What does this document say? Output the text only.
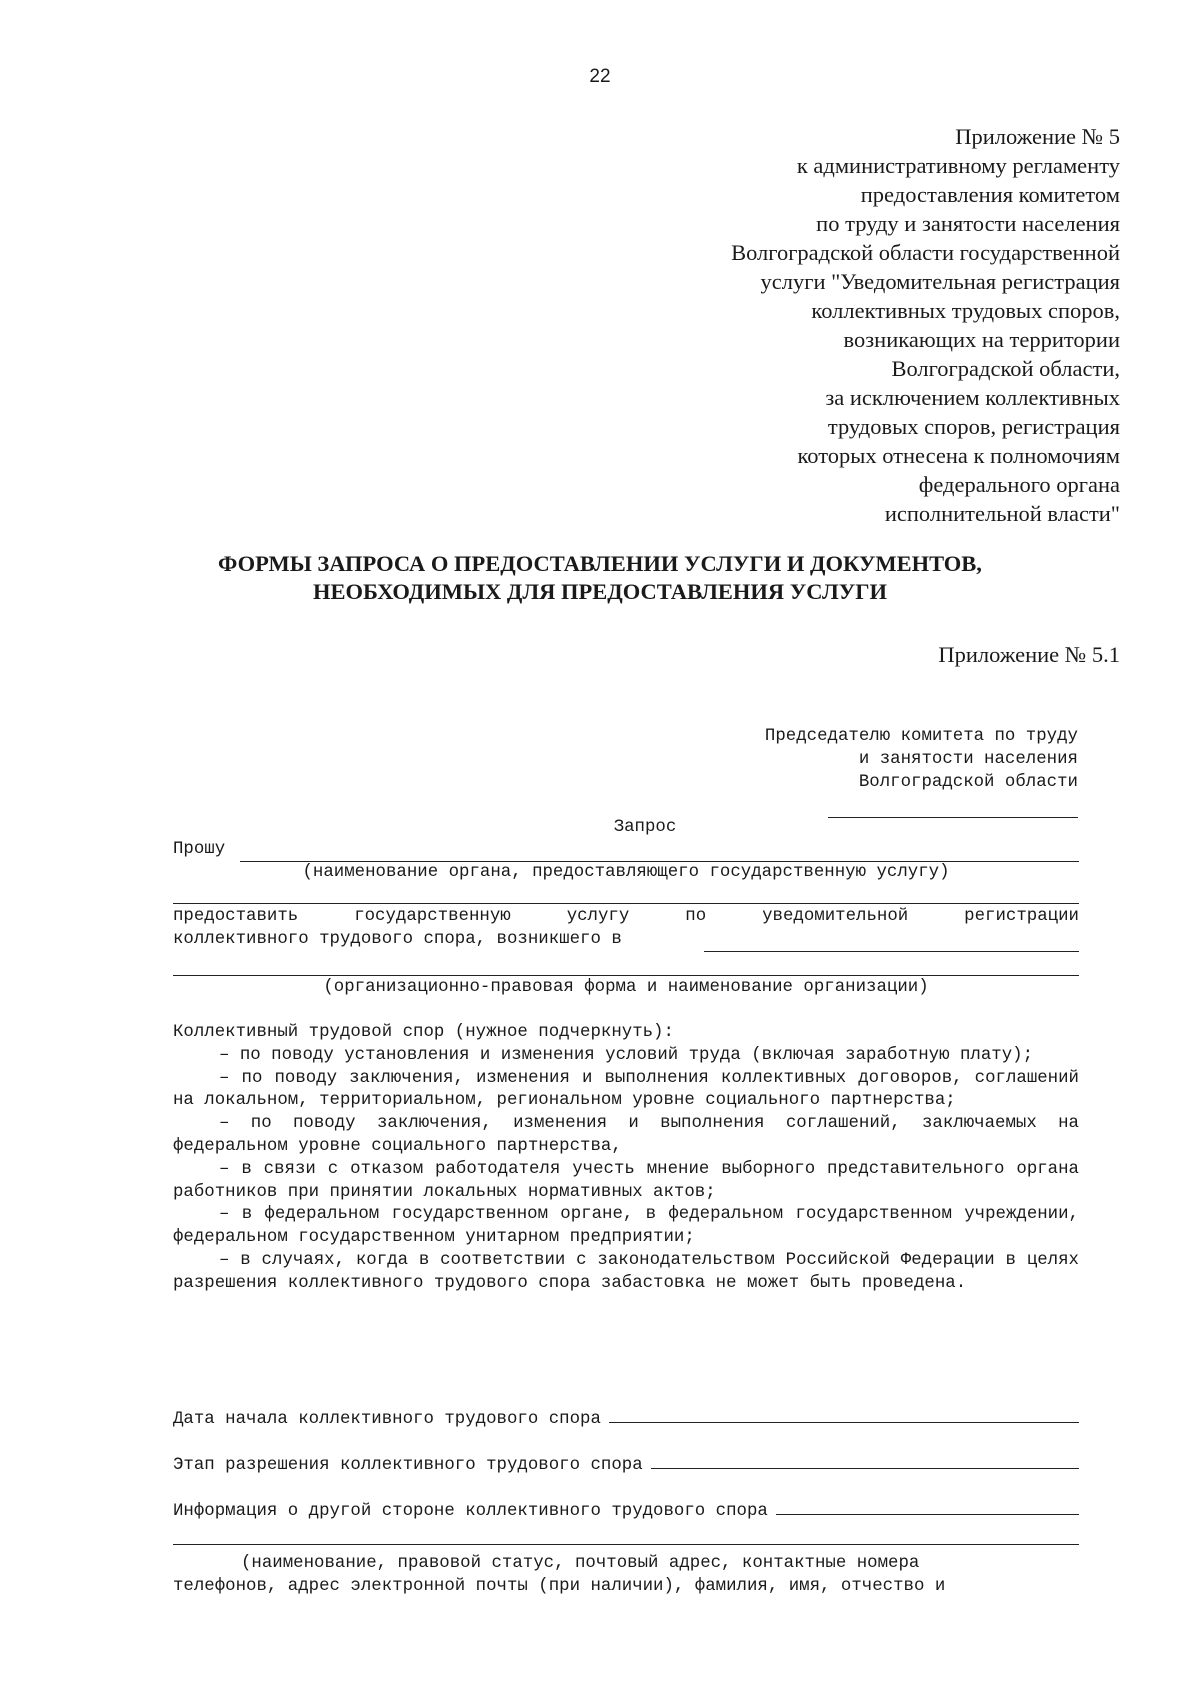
22
Приложение № 5
к административному регламенту
предоставления комитетом
по труду и занятости населения
Волгоградской области государственной
услуги "Уведомительная регистрация
коллективных трудовых споров,
возникающих на территории
Волгоградской области,
за исключением коллективных
трудовых споров, регистрация
которых отнесена к полномочиям
федерального органа
исполнительной власти"
ФОРМЫ ЗАПРОСА О ПРЕДОСТАВЛЕНИИ УСЛУГИ И ДОКУМЕНТОВ,
НЕОБХОДИМЫХ ДЛЯ ПРЕДОСТАВЛЕНИЯ УСЛУГИ
Приложение № 5.1
Председателю комитета по труду
и занятости населения
Волгоградской области
Запрос
Прошу
(наименование органа, предоставляющего государственную услугу)
предоставить	государственную	услугу	по	уведомительной	регистрации
коллективного трудового спора, возникшего в
(организационно-правовая форма и наименование организации)

Коллективный трудовой спор (нужное подчеркнуть):

– по поводу установления и изменения условий труда (включая заработную плату);

– по поводу заключения, изменения и выполнения коллективных договоров, соглашений на локальном, территориальном, региональном уровне социального партнерства;

– по поводу заключения, изменения и выполнения соглашений, заключаемых на федеральном уровне социального партнерства,

– в связи с отказом работодателя учесть мнение выборного представительного органа работников при принятии локальных нормативных актов;

– в федеральном государственном органе, в федеральном государственном учреждении, федеральном государственном унитарном предприятии;

– в случаях, когда в соответствии с законодательством Российской Федерации в целях разрешения коллективного трудового спора забастовка не может быть проведена.

Дата начала коллективного трудового спора
Этап разрешения коллективного трудового спора
Информация о другой стороне коллективного трудового спора
(наименование, правовой статус, почтовый адрес, контактные номера
телефонов, адрес электронной почты (при наличии), фамилия, имя, отчество и
